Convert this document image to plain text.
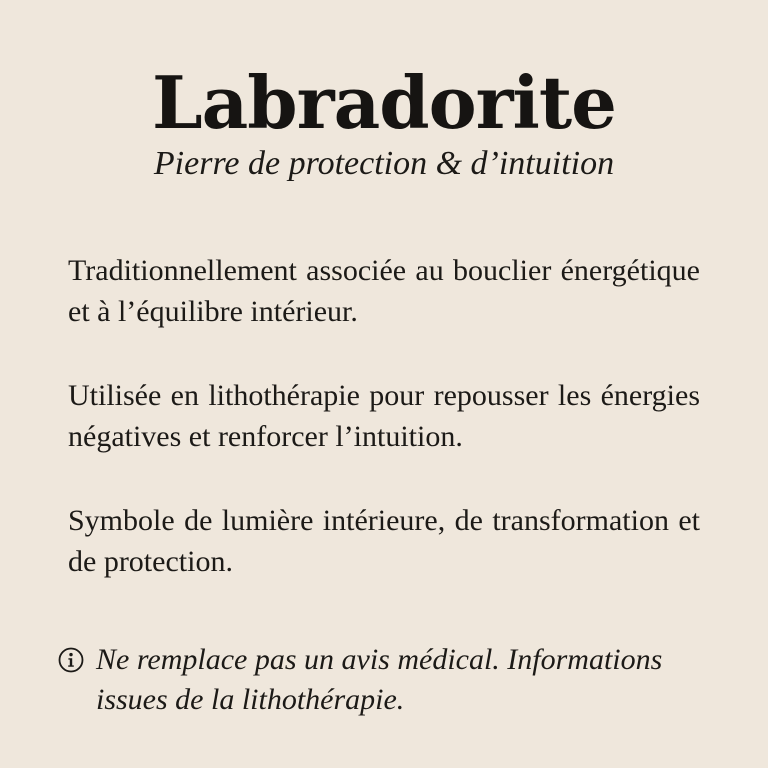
Labradorite

Pierre de protection & d’intuition

Traditionnellement associée au bouclier énergétique et à l’équilibre intérieur.

Utilisée en lithothérapie pour repousser les énergies négatives et renforcer l’intuition.

Symbole de lumière intérieure, de transformation et de protection.

Ne remplace pas un avis médical. Informations issues de la lithothérapie.
